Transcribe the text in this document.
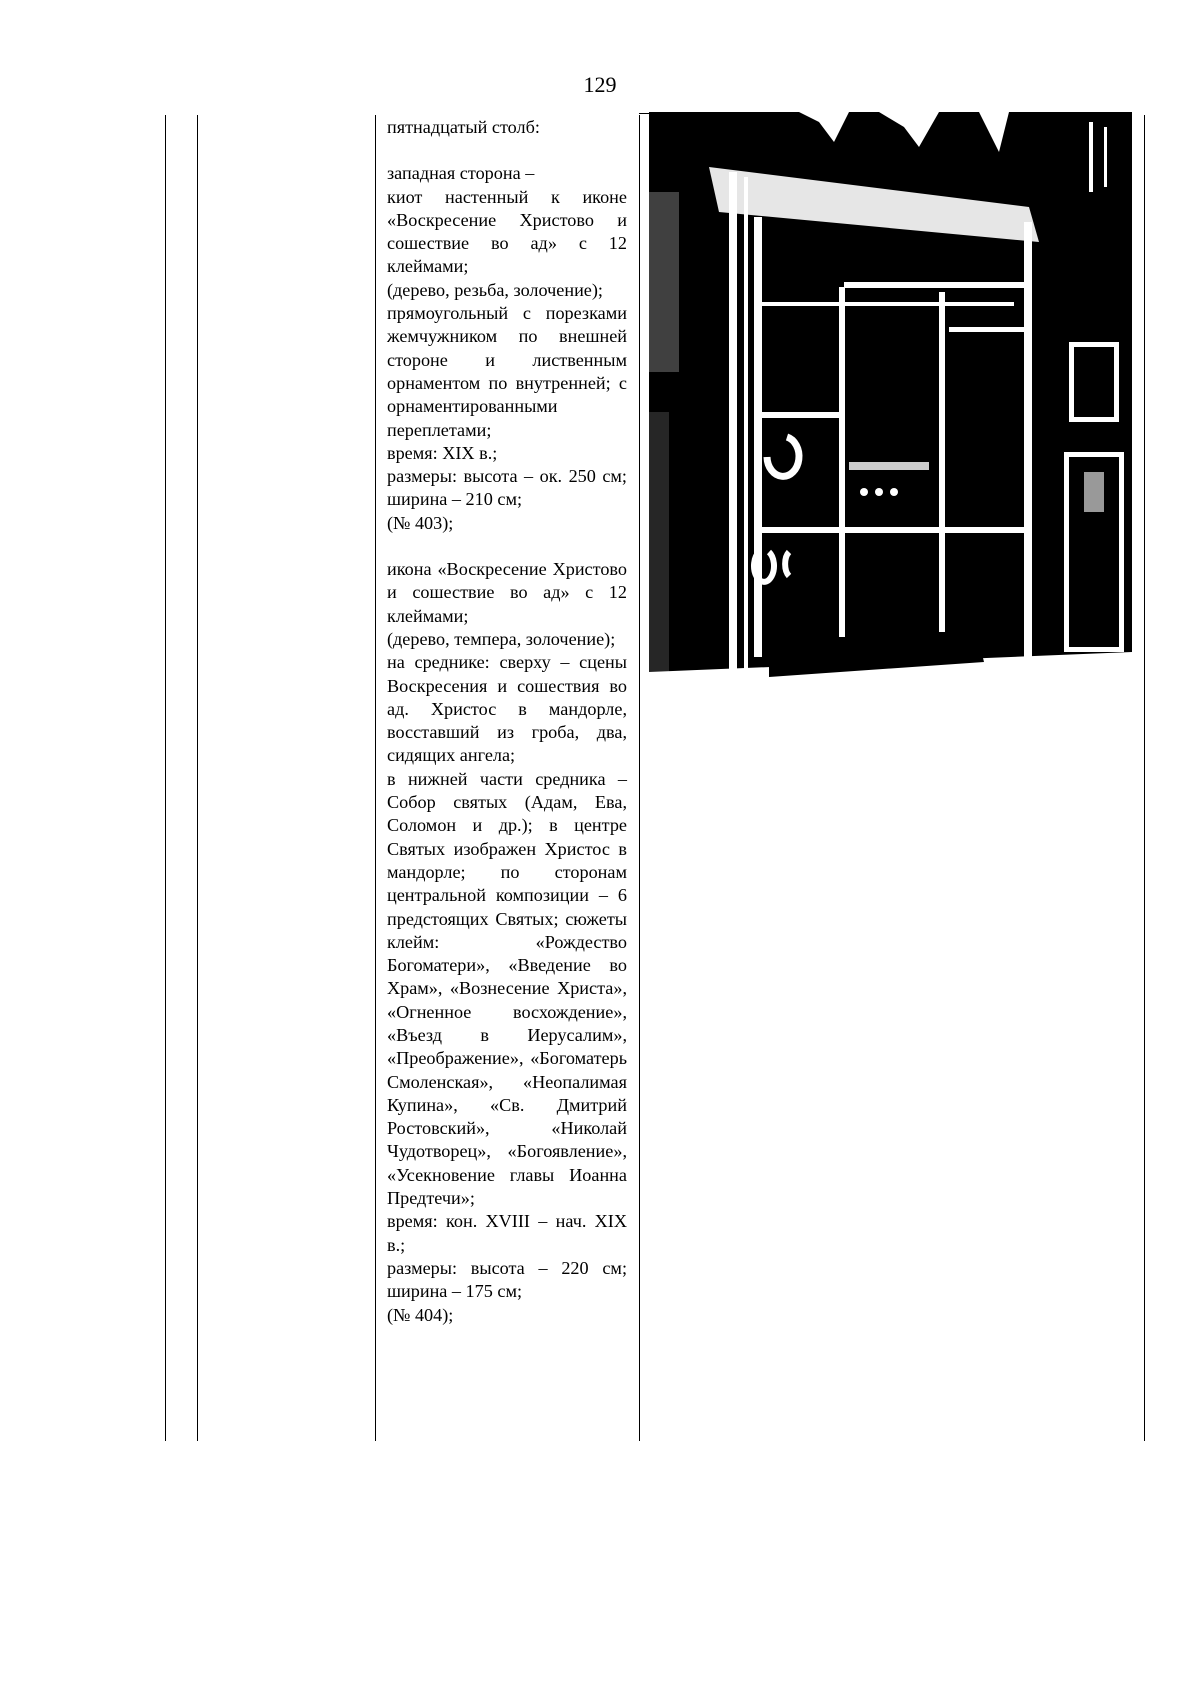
129

пятнадцатый столб:

западная сторона –

киот настенный к иконе «Воскресение Христово и сошествие во ад» с 12 клеймами;

(дерево, резьба, золочение);

прямоугольный с порезками жемчужником по внешней стороне и лиственным орнаментом по внутренней; с орнаментированными переплетами;

время: XIX в.;

размеры: высота – ок. 250 см; ширина – 210 см;

(№ 403);

икона «Воскресение Христово и сошествие во ад» с 12 клеймами;

(дерево, темпера, золочение);

на среднике: сверху – сцены Воскресения и сошествия во ад. Христос в мандорле, восставший из гроба, два, сидящих ангела;

в нижней части средника – Собор святых (Адам, Ева, Соломон и др.); в центре Святых изображен Христос в мандорле; по сторонам центральной композиции – 6 предстоящих Святых; сюжеты клейм: «Рождество Богоматери», «Введение во Храм», «Вознесение Христа», «Огненное восхождение», «Въезд в Иерусалим», «Преображение», «Богоматерь Смоленская», «Неопалимая Купина», «Св. Дмитрий Ростовский», «Николай Чудотворец», «Богоявление», «Усекновение главы Иоанна Предтечи»;

время: кон. XVIII – нач. XIX в.;

размеры: высота – 220 см; ширина – 175 см;

(№ 404);
